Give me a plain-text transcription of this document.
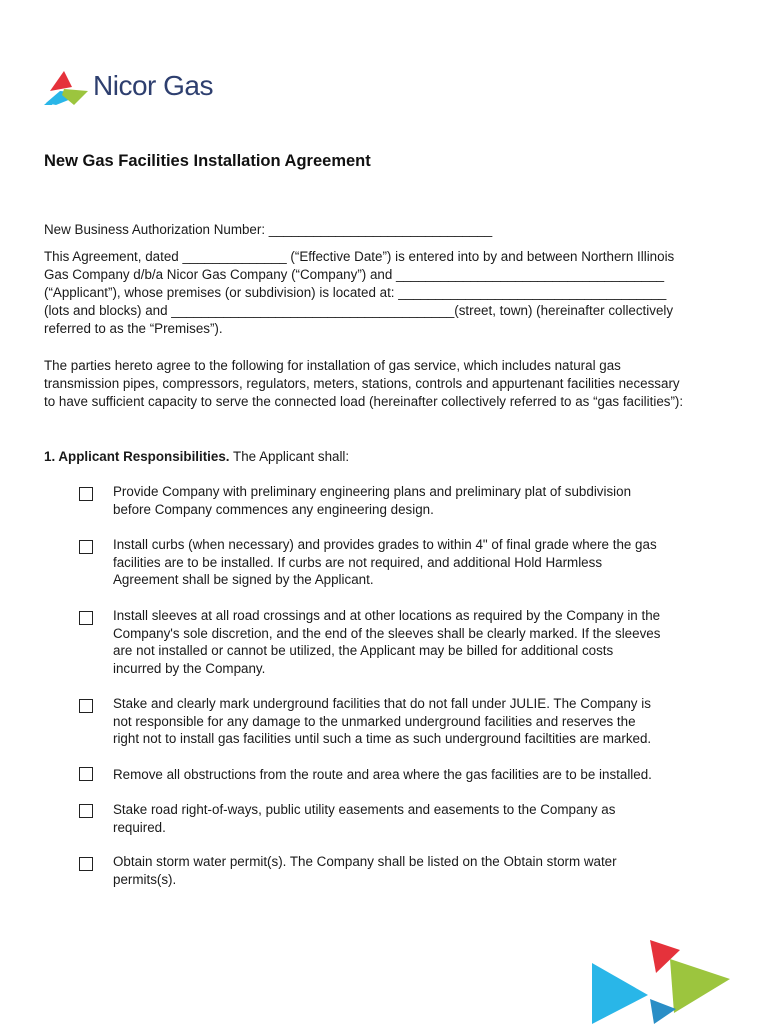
Nicor Gas
New Gas Facilities Installation Agreement

New Business Authorization Number: ______________________________

This Agreement, dated ______________ (“Effective Date”) is entered into by and between Northern Illinois
Gas Company d/b/a Nicor Gas Company (“Company”) and ____________________________________
(“Applicant”), whose premises (or subdivision) is located at: ____________________________________
(lots and blocks) and ______________________________________(street, town) (hereinafter collectively
referred to as the “Premises”).

The parties hereto agree to the following for installation of gas service, which includes natural gas
transmission pipes, compressors, regulators, meters, stations, controls and appurtenant facilities necessary
to have sufficient capacity to serve the connected load (hereinafter collectively referred to as “gas facilities”):

1. Applicant Responsibilities. The Applicant shall:

Provide Company with preliminary engineering plans and preliminary plat of subdivision
before Company commences any engineering design.

Install curbs (when necessary) and provides grades to within 4" of final grade where the gas
facilities are to be installed. If curbs are not required, and additional Hold Harmless
Agreement shall be signed by the Applicant.

Install sleeves at all road crossings and at other locations as required by the Company in the
Company's sole discretion, and the end of the sleeves shall be clearly marked. If the sleeves
are not installed or cannot be utilized, the Applicant may be billed for additional costs
incurred by the Company.

Stake and clearly mark underground facilities that do not fall under JULIE. The Company is
not responsible for any damage to the unmarked underground facilities and reserves the
right not to install gas facilities until such a time as such underground faciltities are marked.

Remove all obstructions from the route and area where the gas facilities are to be installed.

Stake road right-of-ways, public utility easements and easements to the Company as
required.

Obtain storm water permit(s). The Company shall be listed on the Obtain storm water
permits(s).
